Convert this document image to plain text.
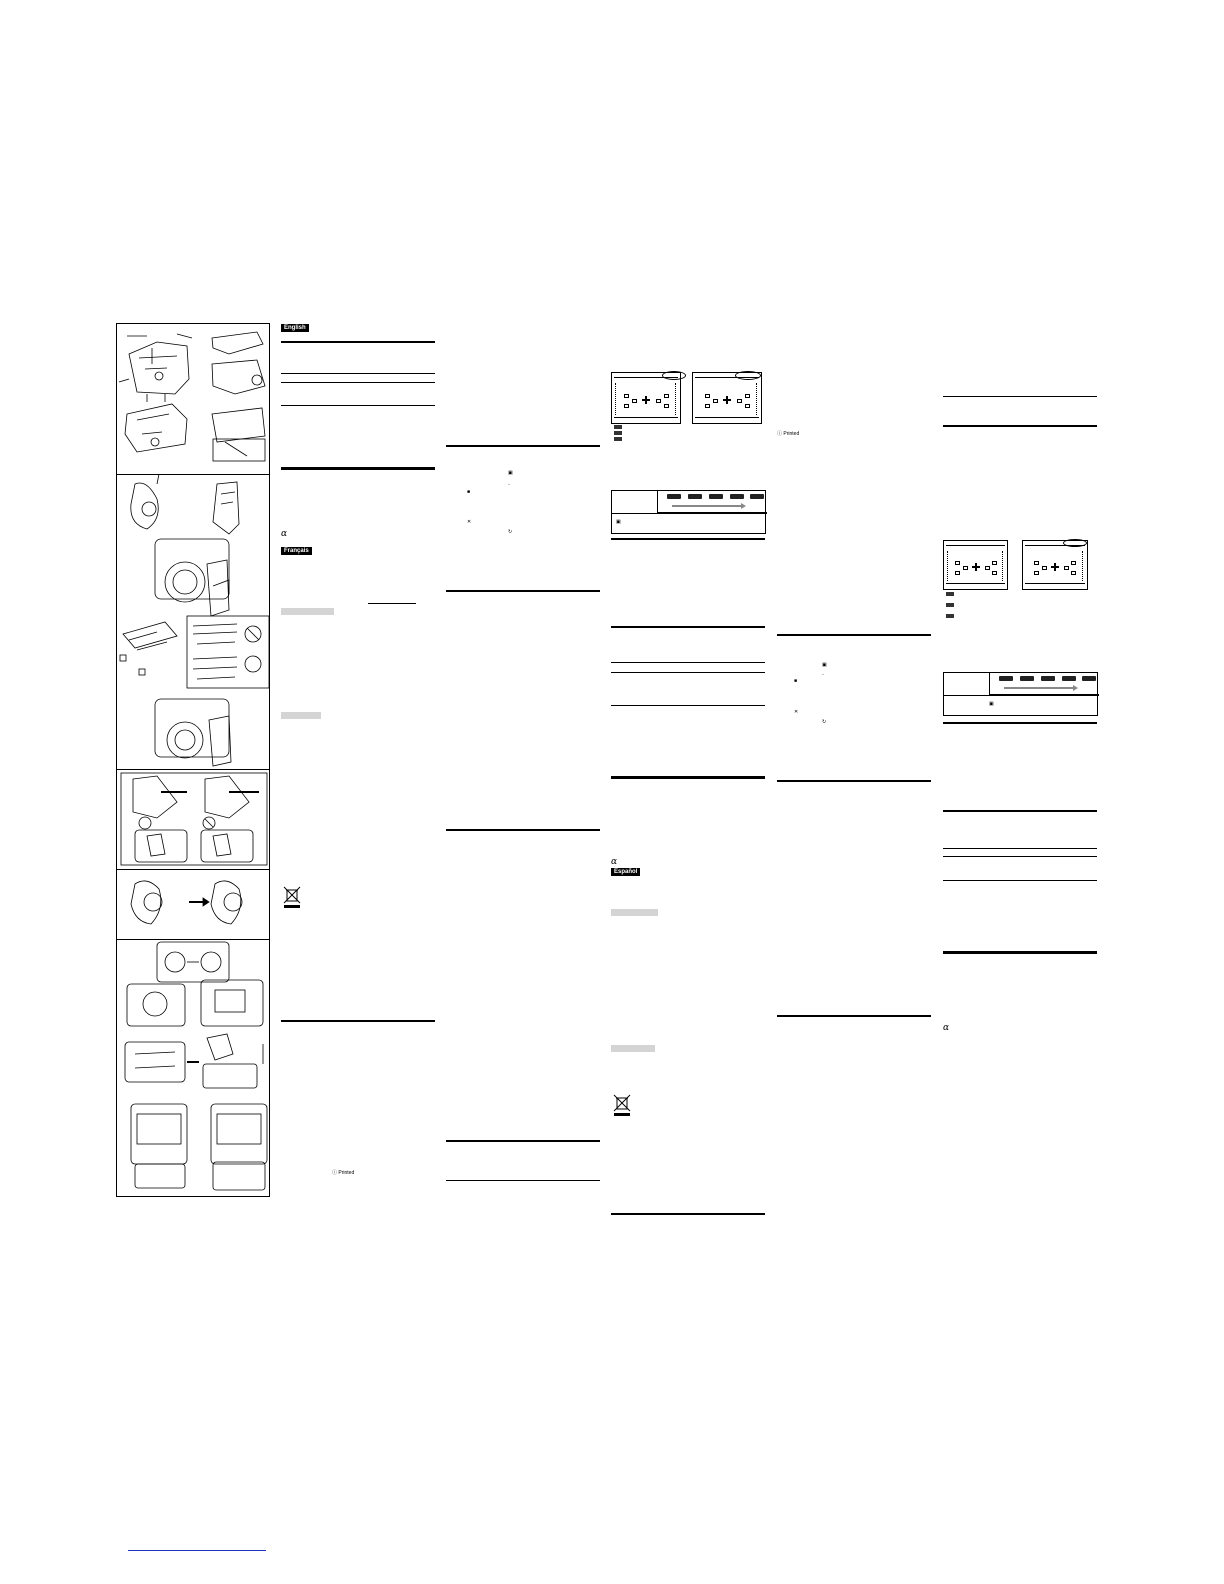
English
α
Français
ⓘ Printed
▣
◦
■
✕
↻
▣
α
Español
ⓘ Printed
▣
◦
■
✕
↻
▣
α
